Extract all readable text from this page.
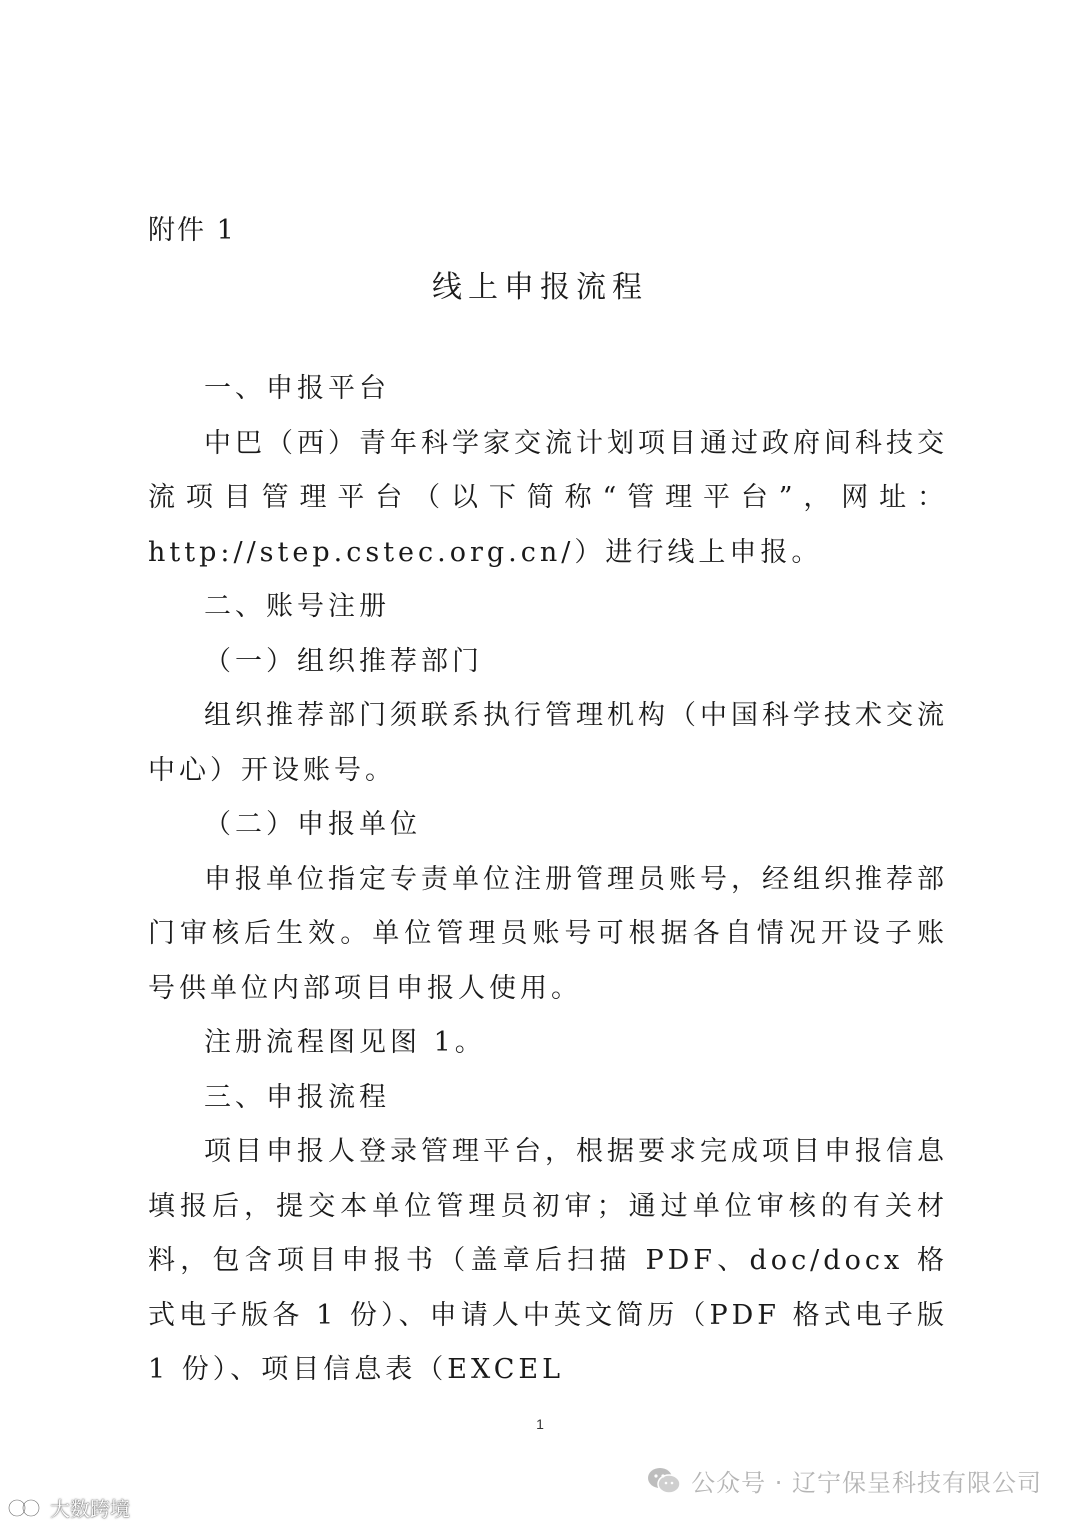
附件 1
线上申报流程

一、申报平台

中巴（西）青年科学家交流计划项目通过政府间科技交流项目管理平台（以下简称“管理平台”，网址：http://step.cstec.org.cn/）进行线上申报。

二、账号注册

（一）组织推荐部门

组织推荐部门须联系执行管理机构（中国科学技术交流中心）开设账号。

（二）申报单位

申报单位指定专责单位注册管理员账号，经组织推荐部门审核后生效。单位管理员账号可根据各自情况开设子账号供单位内部项目申报人使用。

注册流程图见图 1。

三、申报流程

项目申报人登录管理平台，根据要求完成项目申报信息填报后，提交本单位管理员初审；通过单位审核的有关材料，包含项目申报书（盖章后扫描 PDF、doc/docx 格式电子版各 1 份）、申请人中英文简历（PDF 格式电子版 1 份）、项目信息表（EXCEL

1
公众号 · 辽宁保呈科技有限公司
大数跨境
